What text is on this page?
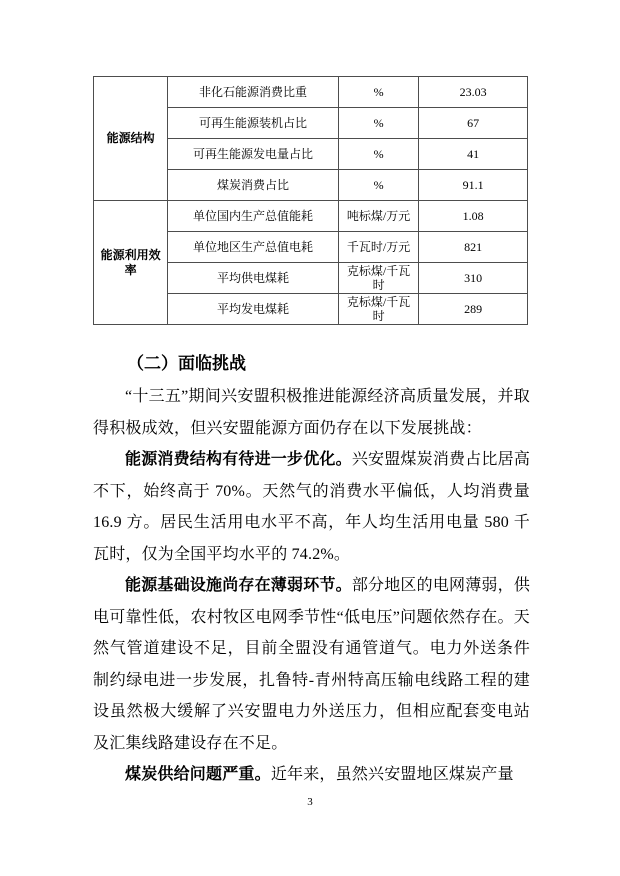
能源结构	非化石能源消费比重	%	23.03
	可再生能源装机占比	%	67
	可再生能源发电量占比	%	41
	煤炭消费占比	%	91.1
能源利用效率	单位国内生产总值能耗	吨标煤/万元	1.08
	单位地区生产总值电耗	千瓦时/万元	821
	平均供电煤耗	克标煤/千瓦时	310
	平均发电煤耗	克标煤/千瓦时	289
（二）面临挑战

“十三五”期间兴安盟积极推进能源经济高质量发展，并取得积极成效，但兴安盟能源方面仍存在以下发展挑战：

能源消费结构有待进一步优化。兴安盟煤炭消费占比居高不下，始终高于 70%。天然气的消费水平偏低，人均消费量 16.9 方。居民生活用电水平不高，年人均生活用电量 580 千瓦时，仅为全国平均水平的 74.2%。

能源基础设施尚存在薄弱环节。部分地区的电网薄弱，供电可靠性低，农村牧区电网季节性“低电压”问题依然存在。天然气管道建设不足，目前全盟没有通管道气。电力外送条件制约绿电进一步发展，扎鲁特-青州特高压输电线路工程的建设虽然极大缓解了兴安盟电力外送压力，但相应配套变电站及汇集线路建设存在不足。

煤炭供给问题严重。近年来，虽然兴安盟地区煤炭产量

3
